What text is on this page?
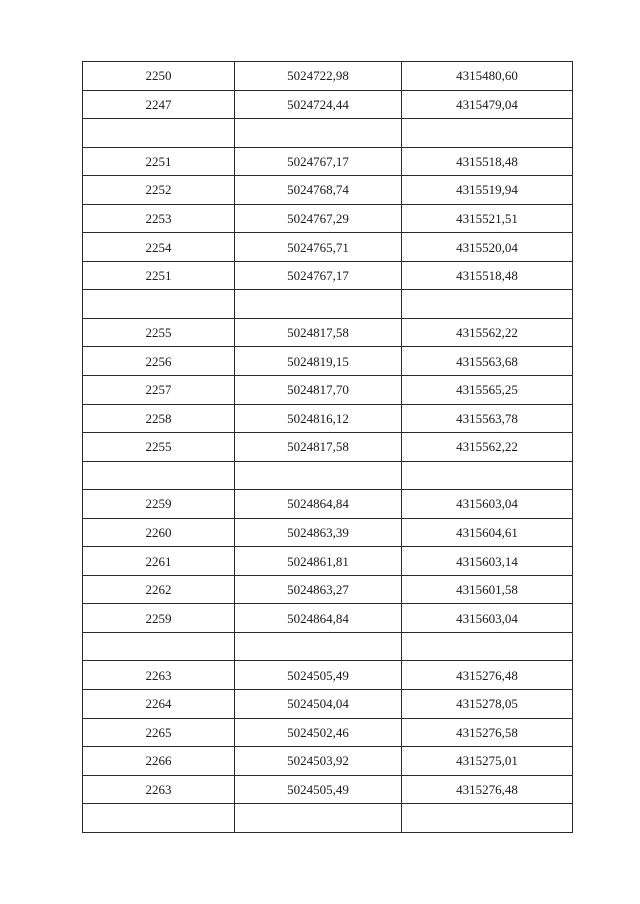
2250	5024722,98	4315480,60
2247	5024724,44	4315479,04

2251	5024767,17	4315518,48
2252	5024768,74	4315519,94
2253	5024767,29	4315521,51
2254	5024765,71	4315520,04
2251	5024767,17	4315518,48

2255	5024817,58	4315562,22
2256	5024819,15	4315563,68
2257	5024817,70	4315565,25
2258	5024816,12	4315563,78
2255	5024817,58	4315562,22

2259	5024864,84	4315603,04
2260	5024863,39	4315604,61
2261	5024861,81	4315603,14
2262	5024863,27	4315601,58
2259	5024864,84	4315603,04

2263	5024505,49	4315276,48
2264	5024504,04	4315278,05
2265	5024502,46	4315276,58
2266	5024503,92	4315275,01
2263	5024505,49	4315276,48
